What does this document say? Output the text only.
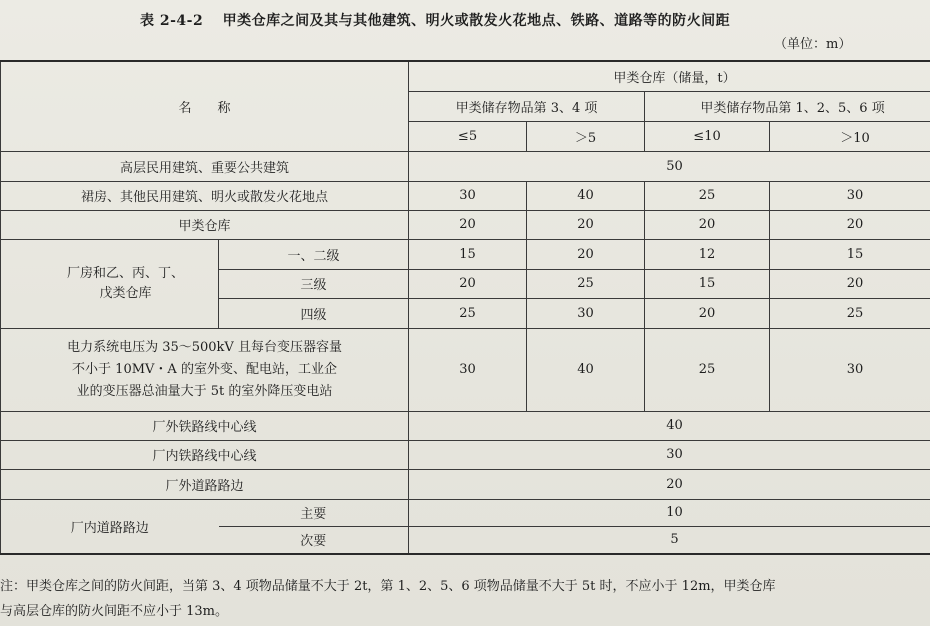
表 2-4-2 甲类仓库之间及其与其他建筑、明火或散发火花地点、铁路、道路等的防火间距
（单位：m）
名　　称		甲类仓库（储量，t）			
		甲类储存物品第 3、4 项		甲类储存物品第 1、2、5、6 项	
		≤5	＞5	≤10	＞10
高层民用建筑、重要公共建筑		50			
裙房、其他民用建筑、明火或散发火花地点		30	40	25	30
甲类仓库		20	20	20	20
厂房和乙、丙、丁、戊类仓库	一、二级	15	20	12	15
	三级	20	25	15	20
	四级	25	30	20	25

电力系统电压为 35～500kV 且每台变压器容量
不小于 10MV・A 的室外变、配电站，工业企
业的变压器总油量大于 5t 的室外降压变电站		30	40	25	30
厂外铁路线中心线		40			
厂内铁路线中心线		30			
厂外道路路边		20			
厂内道路路边	主要	10			
	次要	5			
注：甲类仓库之间的防火间距，当第 3、4 项物品储量不大于 2t，第 1、2、5、6 项物品储量不大于 5t 时，不应小于 12m，甲类仓库
与高层仓库的防火间距不应小于 13m。
